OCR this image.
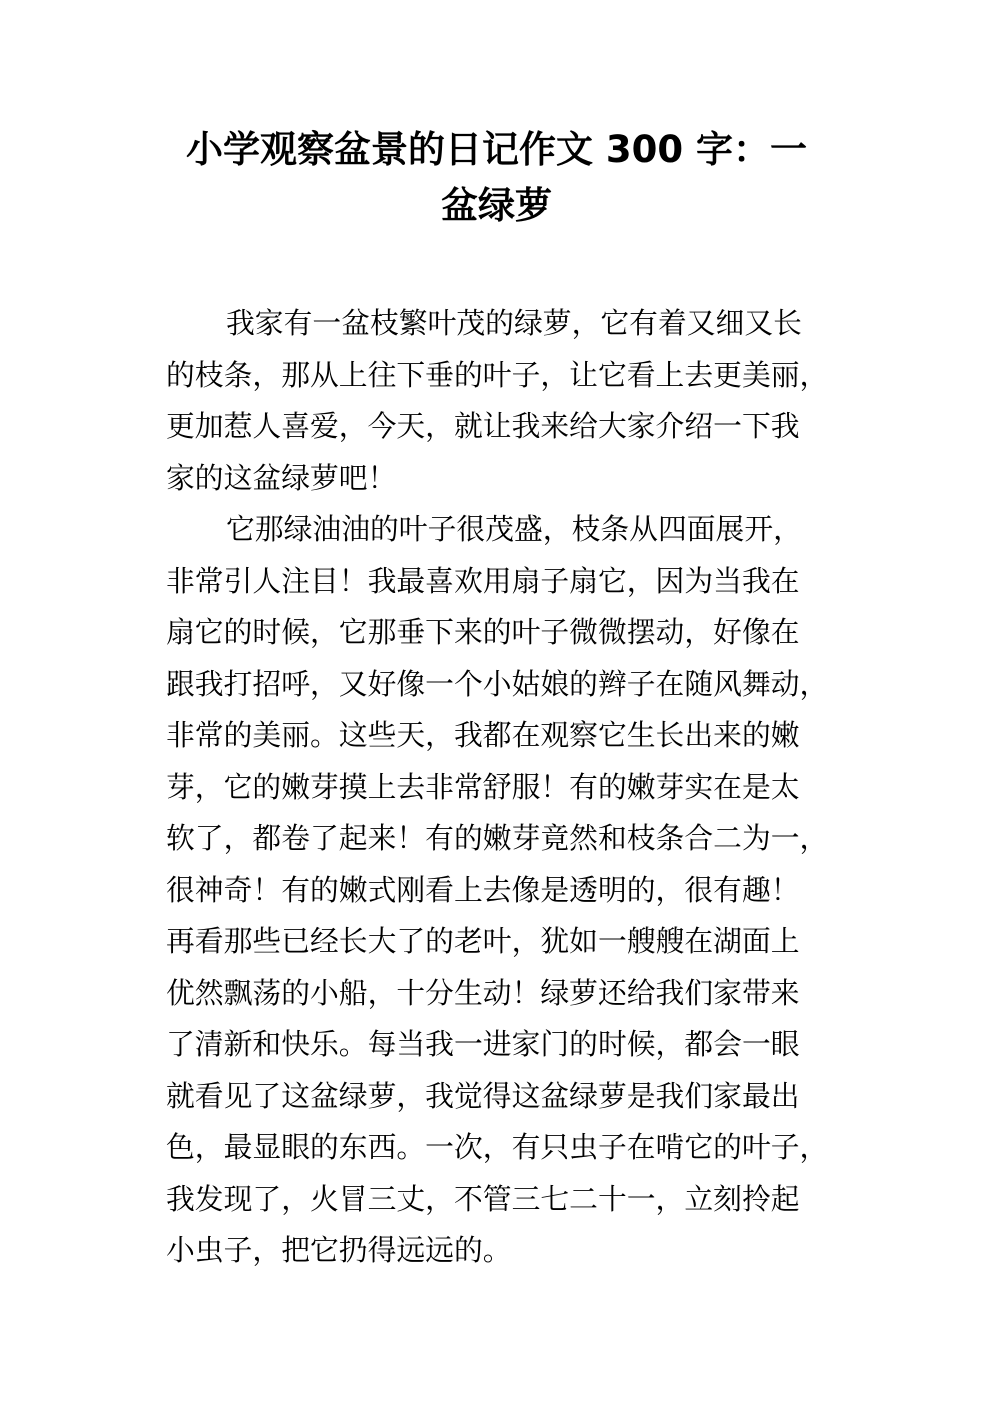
小学观察盆景的日记作文 300 字：一
盆绿萝
我家有一盆枝繁叶茂的绿萝，它有着又细又长
的枝条，那从上往下垂的叶子，让它看上去更美丽，
更加惹人喜爱，今天，就让我来给大家介绍一下我
家的这盆绿萝吧！
它那绿油油的叶子很茂盛，枝条从四面展开，
非常引人注目！我最喜欢用扇子扇它，因为当我在
扇它的时候，它那垂下来的叶子微微摆动，好像在
跟我打招呼，又好像一个小姑娘的辫子在随风舞动，
非常的美丽。这些天，我都在观察它生长出来的嫩
芽，它的嫩芽摸上去非常舒服！有的嫩芽实在是太
软了，都卷了起来！有的嫩芽竟然和枝条合二为一，
很神奇！有的嫩式刚看上去像是透明的，很有趣！
再看那些已经长大了的老叶，犹如一艘艘在湖面上
优然飘荡的小船，十分生动！绿萝还给我们家带来
了清新和快乐。每当我一进家门的时候，都会一眼
就看见了这盆绿萝，我觉得这盆绿萝是我们家最出
色，最显眼的东西。一次，有只虫子在啃它的叶子，
我发现了，火冒三丈，不管三七二十一，立刻拎起
小虫子，把它扔得远远的。
